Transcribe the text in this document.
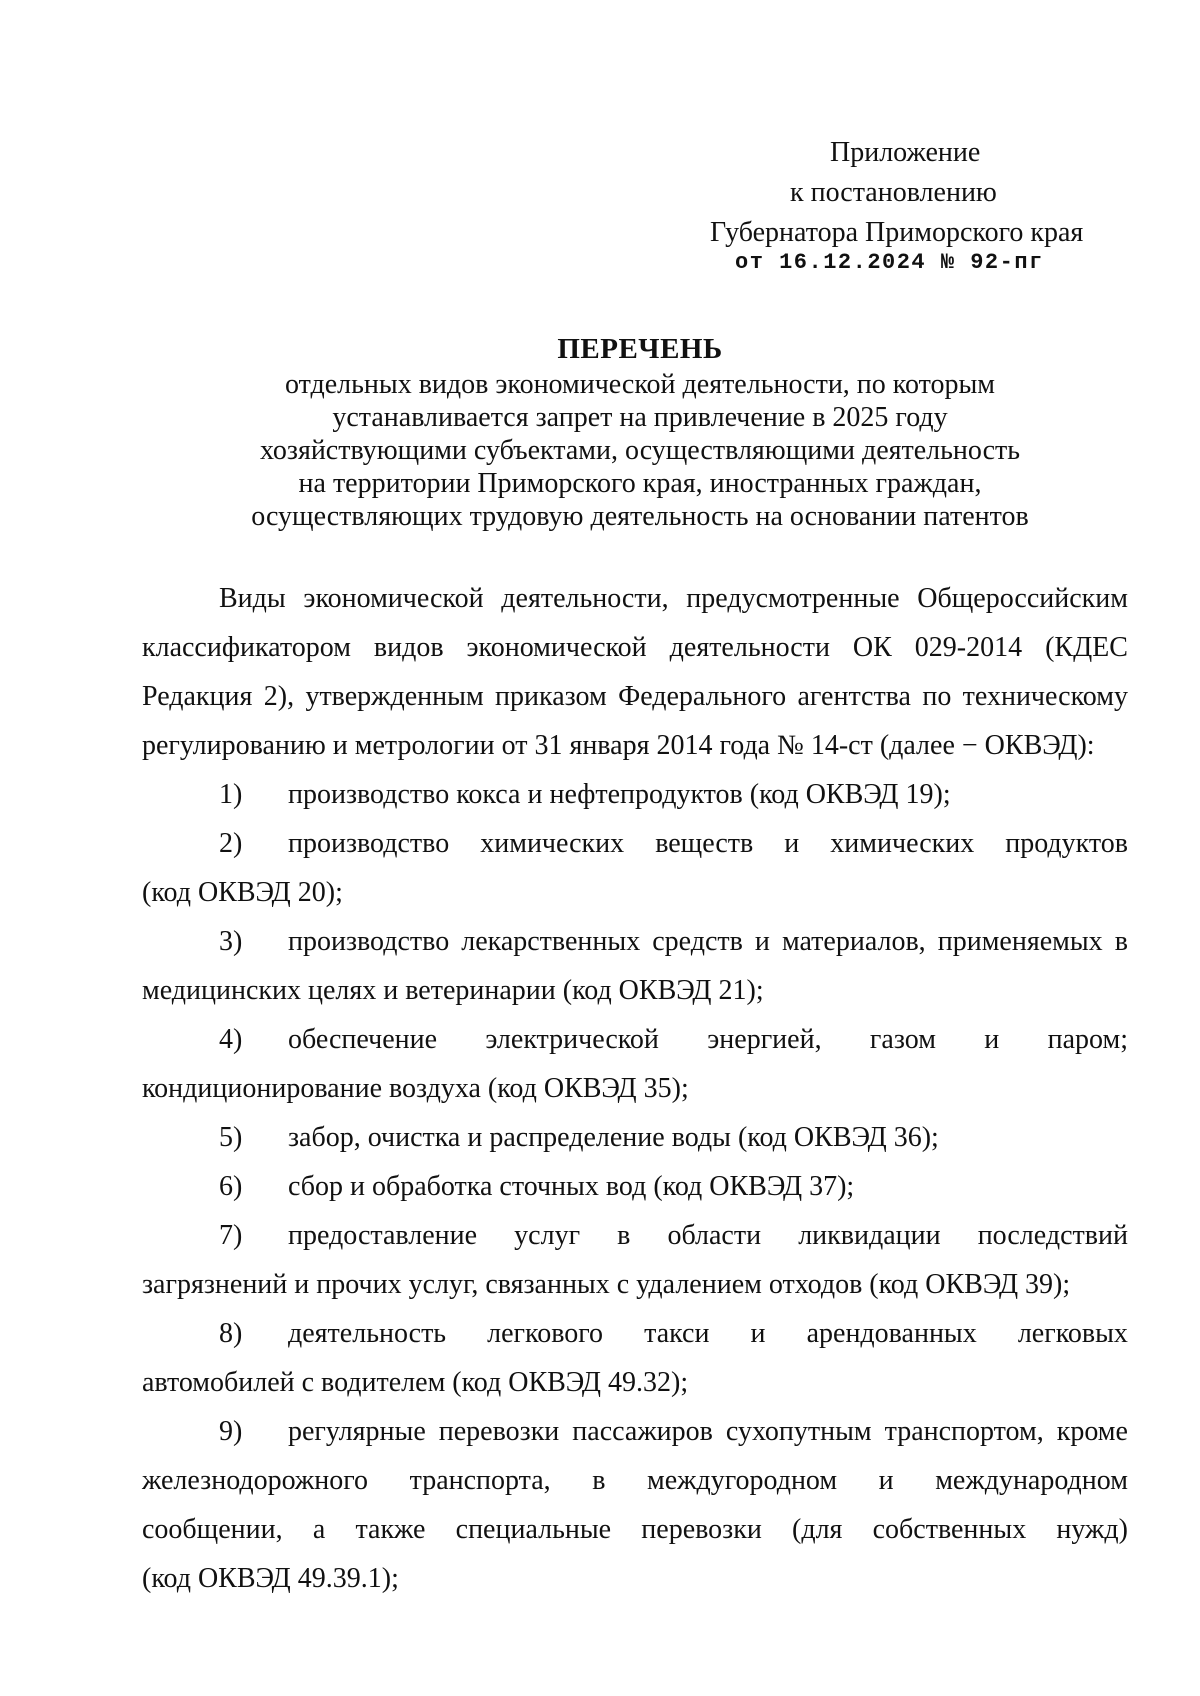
Приложение
к постановлению
Губернатора Приморского края
от 16.12.2024 № 92-пг
ПЕРЕЧЕНЬ
отдельных видов экономической деятельности, по которым
устанавливается запрет на привлечение в 2025 году
хозяйствующими субъектами, осуществляющими деятельность
на территории Приморского края, иностранных граждан,
осуществляющих трудовую деятельность на основании патентов
Виды экономической деятельности, предусмотренные Общероссийским
классификатором видов экономической деятельности ОК 029-2014 (КДЕС
Редакция 2), утвержденным приказом Федерального агентства по техническому
регулированию и метрологии от 31 января 2014 года № 14-ст (далее − ОКВЭД):
1)	производство кокса и нефтепродуктов (код ОКВЭД 19);
2)	производство химических веществ и химических продуктов
(код ОКВЭД 20);
3)	производство лекарственных средств и материалов, применяемых в
медицинских целях и ветеринарии (код ОКВЭД 21);
4)	обеспечение электрической энергией, газом и паром;
кондиционирование воздуха (код ОКВЭД 35);
5)	забор, очистка и распределение воды (код ОКВЭД 36);
6)	сбор и обработка сточных вод (код ОКВЭД 37);
7)	предоставление услуг в области ликвидации последствий
загрязнений и прочих услуг, связанных с удалением отходов (код ОКВЭД 39);
8)	деятельность легкового такси и арендованных легковых
автомобилей с водителем (код ОКВЭД 49.32);
9)	регулярные перевозки пассажиров сухопутным транспортом, кроме
железнодорожного транспорта, в междугородном и международном
сообщении, а также специальные перевозки (для собственных нужд)
(код ОКВЭД 49.39.1);
